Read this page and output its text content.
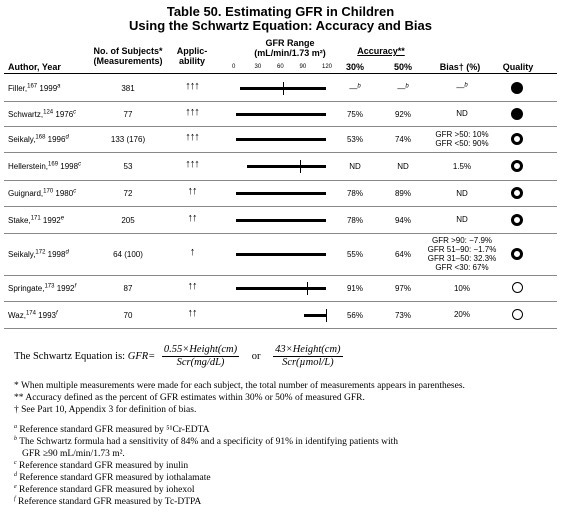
Table 50. Estimating GFR in Children
Using the Schwartz Equation: Accuracy and Bias
Author, Year
No. of Subjects*
(Measurements)
Applic-
ability
GFR Range
(mL/min/1.73 m²)	Accuracy**
30%	50%	Bias† (%)	Quality
0	30	60	90	120
Filler,$^{167}$ 1999$^a$	381	↑↑↑	—$^b$	—$^b$	—$^b$
Schwartz,$^{124}$ 1976$^c$	77	↑↑↑	75%	92%	ND
Seikaly,$^{168}$ 1996$^d$	133 (176)	↑↑↑	53%	74%
GFR >50: 10%
GFR <50: 90%
Hellerstein,$^{169}$ 1998$^c$	53	↑↑↑	ND	ND	1.5%
Guignard,$^{170}$ 1980$^c$	72	↑↑	78%	89%	ND
Stake,$^{171}$ 1992e	205	↑↑	78%	94%	ND
Seikaly,$^{172}$ 1998$^d$	64 (100)	↑	55%	64%
GFR >90: −7.9%
GFR 51–90: −1.7%
GFR 31–50: 32.3%
GFR <30: 67%
Springate,$^{173}$ 1992$^f$	87	↑↑	91%	97%	10%
Waz,$^{174}$ 1993$^f$	70	↑↑	56%	73%	20%
The Schwartz Equation is: $GFR= \frac{\text{0.55×Height(cm)}}{\text{Scr(mg/dL)}}$ or $\frac{\text{43×Height(cm)}}{\text{Scr(µmol/L)}}$
* When multiple measurements were made for each subject, the total number of measurements appears in parentheses.
** Accuracy defined as the percent of GFR estimates within 30% or 50% of measured GFR.
† See Part 10, Appendix 3 for definition of bias.
$^a$ Reference standard GFR measured by ⁵¹Cr-EDTA
$^b$ The Schwartz formula had a sensitivity of 84% and a specificity of 91% in identifying patients with
GFR ≥90 mL/min/1.73 m².
$^c$ Reference standard GFR measured by inulin
$^d$ Reference standard GFR measured by iothalamate
$^e$ Reference standard GFR measured by iohexol
$^f$ Reference standard GFR measured by Tc-DTPA
